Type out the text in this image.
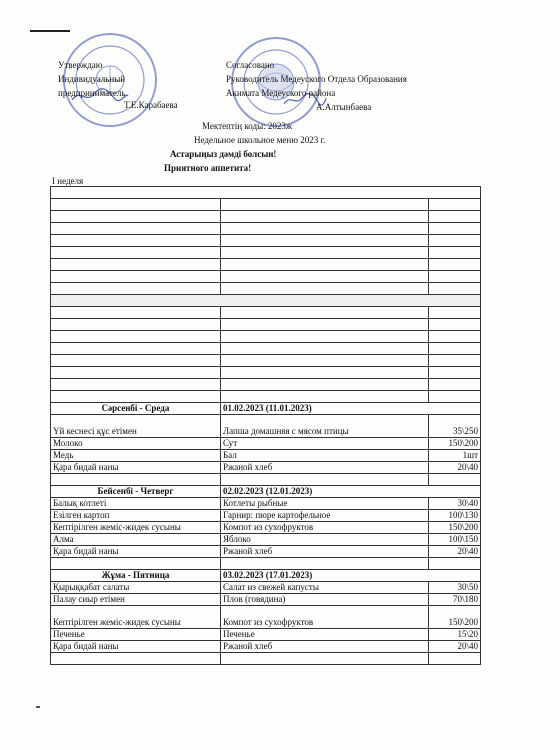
Утверждаю
Индивидуальный
предприниматель
Т.Е.Карабаева
Согласовано
Руководитель Медеуского Отдела Образования
Акимата Медеуского района
А.Алтынбаева
Мектептің коды: 2023ж
Недельное школьное меню 2023 г.
Астарыңыз дәмді болсын!
Приятного аппетита!
I неделя

Сәрсенбі - Среда	01.02.2023 (11.01.2023)	
Үй кеснесі құс етімен	Лапша домашняя с мясом птицы	35\250
Молоко	Сут	150\200
Медь	Бал	1шт
Қара бидай наны	Ржаной хлеб	20\40

Бейсенбі - Четверг	02.02.2023 (12.01.2023)	
Балық котлеті	Котлеты рыбные	30\40
Езілген картоп	Гарнир: пюре картофельное	100\130
Кептірілген жеміс-жидек сусыны	Компот из сухофруктов	150\200
Алма	Яблоко	100\150
Қара бидай наны	Ржаной хлеб	20\40

Жұма - Пятница	03.02.2023 (17.01.2023)	
Қырыққабат салаты	Салат из свежей капусты	30\50
Палау сиыр етімен	Плов (говядина)	70\180
Кептірілген жеміс-жидек сусыны	Компот из сухофруктов	150\200
Печенье	Печенье	15\20
Қара бидай наны	Ржаной хлеб	20\40
